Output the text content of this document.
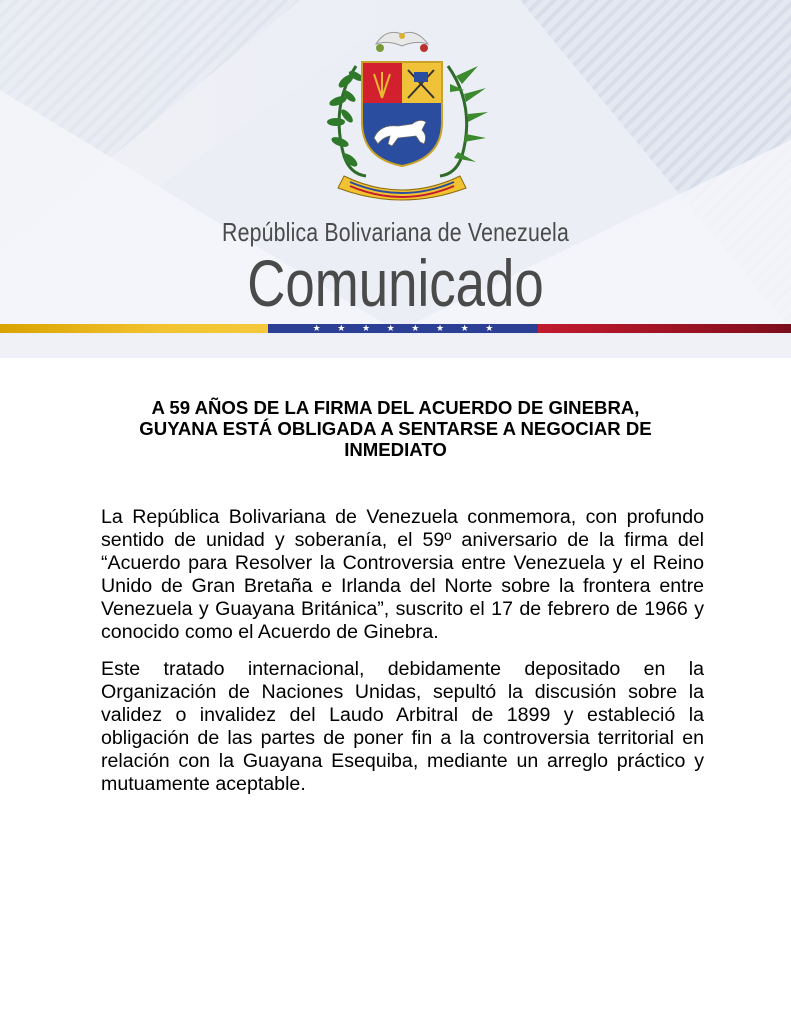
República Bolivariana de Venezuela
Comunicado
★ ★ ★ ★ ★ ★ ★ ★
A 59 AÑOS DE LA FIRMA DEL ACUERDO DE GINEBRA,
GUYANA ESTÁ OBLIGADA A SENTARSE A NEGOCIAR DE
INMEDIATO

La República Bolivariana de Venezuela conmemora, con profundo sentido de unidad y soberanía, el 59º aniversario de la firma del “Acuerdo para Resolver la Controversia entre Venezuela y el Reino Unido de Gran Bretaña e Irlanda del Norte sobre la frontera entre Venezuela y Guayana Británica”, suscrito el 17 de febrero de 1966 y conocido como el Acuerdo de Ginebra.

Este tratado internacional, debidamente depositado en la Organización de Naciones Unidas, sepultó la discusión sobre la validez o invalidez del Laudo Arbitral de 1899 y estableció la obligación de las partes de poner fin a la controversia territorial en relación con la Guayana Esequiba, mediante un arreglo práctico y mutuamente aceptable.
